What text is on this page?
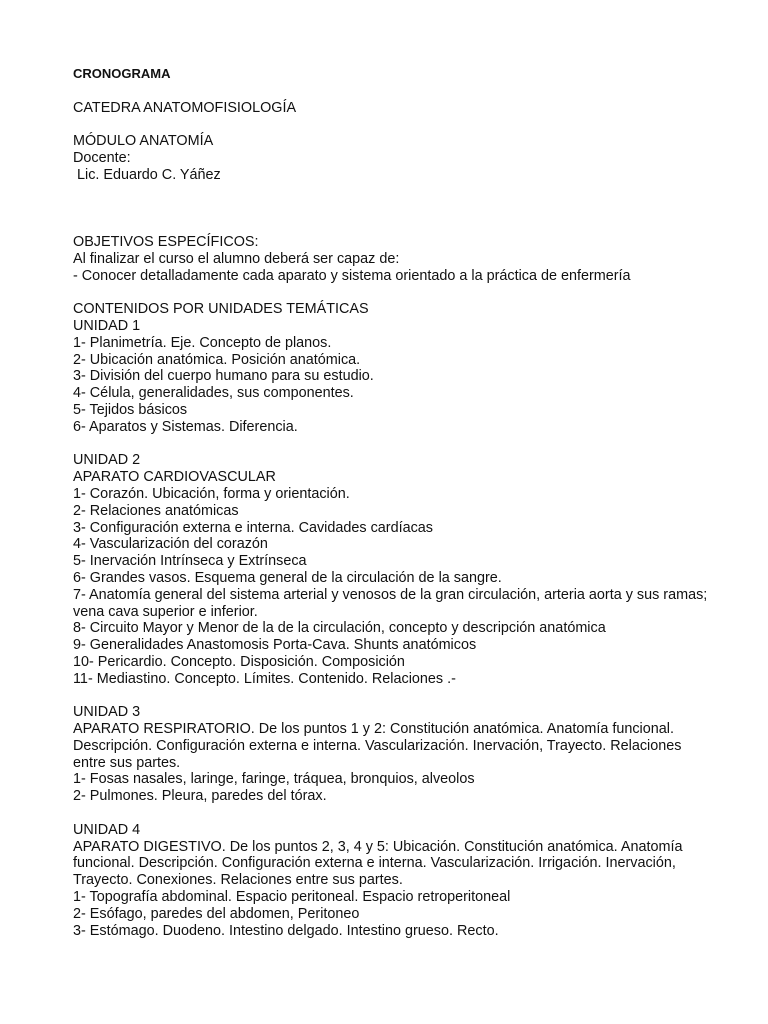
CRONOGRAMA

CATEDRA ANATOMOFISIOLOGÍA

MÓDULO ANATOMÍA

Docente:

Lic. Eduardo C. Yáñez

OBJETIVOS ESPECÍFICOS:

Al finalizar el curso el alumno deberá ser capaz de:

- Conocer detalladamente cada aparato y sistema orientado a la práctica de enfermería

CONTENIDOS POR UNIDADES TEMÁTICAS

UNIDAD 1

1- Planimetría. Eje. Concepto de planos.
2- Ubicación anatómica. Posición anatómica.
3- División del cuerpo humano para su estudio.
4- Célula, generalidades, sus componentes.
5- Tejidos básicos
6- Aparatos y Sistemas. Diferencia.

UNIDAD 2

APARATO CARDIOVASCULAR

1- Corazón. Ubicación, forma y orientación.
2- Relaciones anatómicas
3- Configuración externa e interna. Cavidades cardíacas
4- Vascularización del corazón
5- Inervación Intrínseca y Extrínseca
6- Grandes vasos. Esquema general de la circulación de la sangre.
7- Anatomía general del sistema arterial y venosos de la gran circulación, arteria aorta y sus ramas; vena cava superior e inferior.
8- Circuito Mayor y Menor de la de la circulación, concepto y descripción anatómica
9- Generalidades Anastomosis Porta-Cava. Shunts anatómicos
10- Pericardio. Concepto. Disposición. Composición
11- Mediastino. Concepto. Límites. Contenido. Relaciones .-

UNIDAD 3

APARATO RESPIRATORIO. De los puntos 1 y 2: Constitución anatómica. Anatomía funcional. Descripción. Configuración externa e interna. Vascularización. Inervación, Trayecto. Relaciones entre sus partes.

1- Fosas nasales, laringe, faringe, tráquea, bronquios, alveolos
2- Pulmones. Pleura, paredes del tórax.

UNIDAD 4

APARATO DIGESTIVO. De los puntos 2, 3, 4 y 5: Ubicación. Constitución anatómica. Anatomía funcional. Descripción. Configuración externa e interna. Vascularización. Irrigación. Inervación, Trayecto. Conexiones. Relaciones entre sus partes.

1- Topografía abdominal. Espacio peritoneal. Espacio retroperitoneal
2- Esófago, paredes del abdomen, Peritoneo
3- Estómago. Duodeno. Intestino delgado. Intestino grueso. Recto.
